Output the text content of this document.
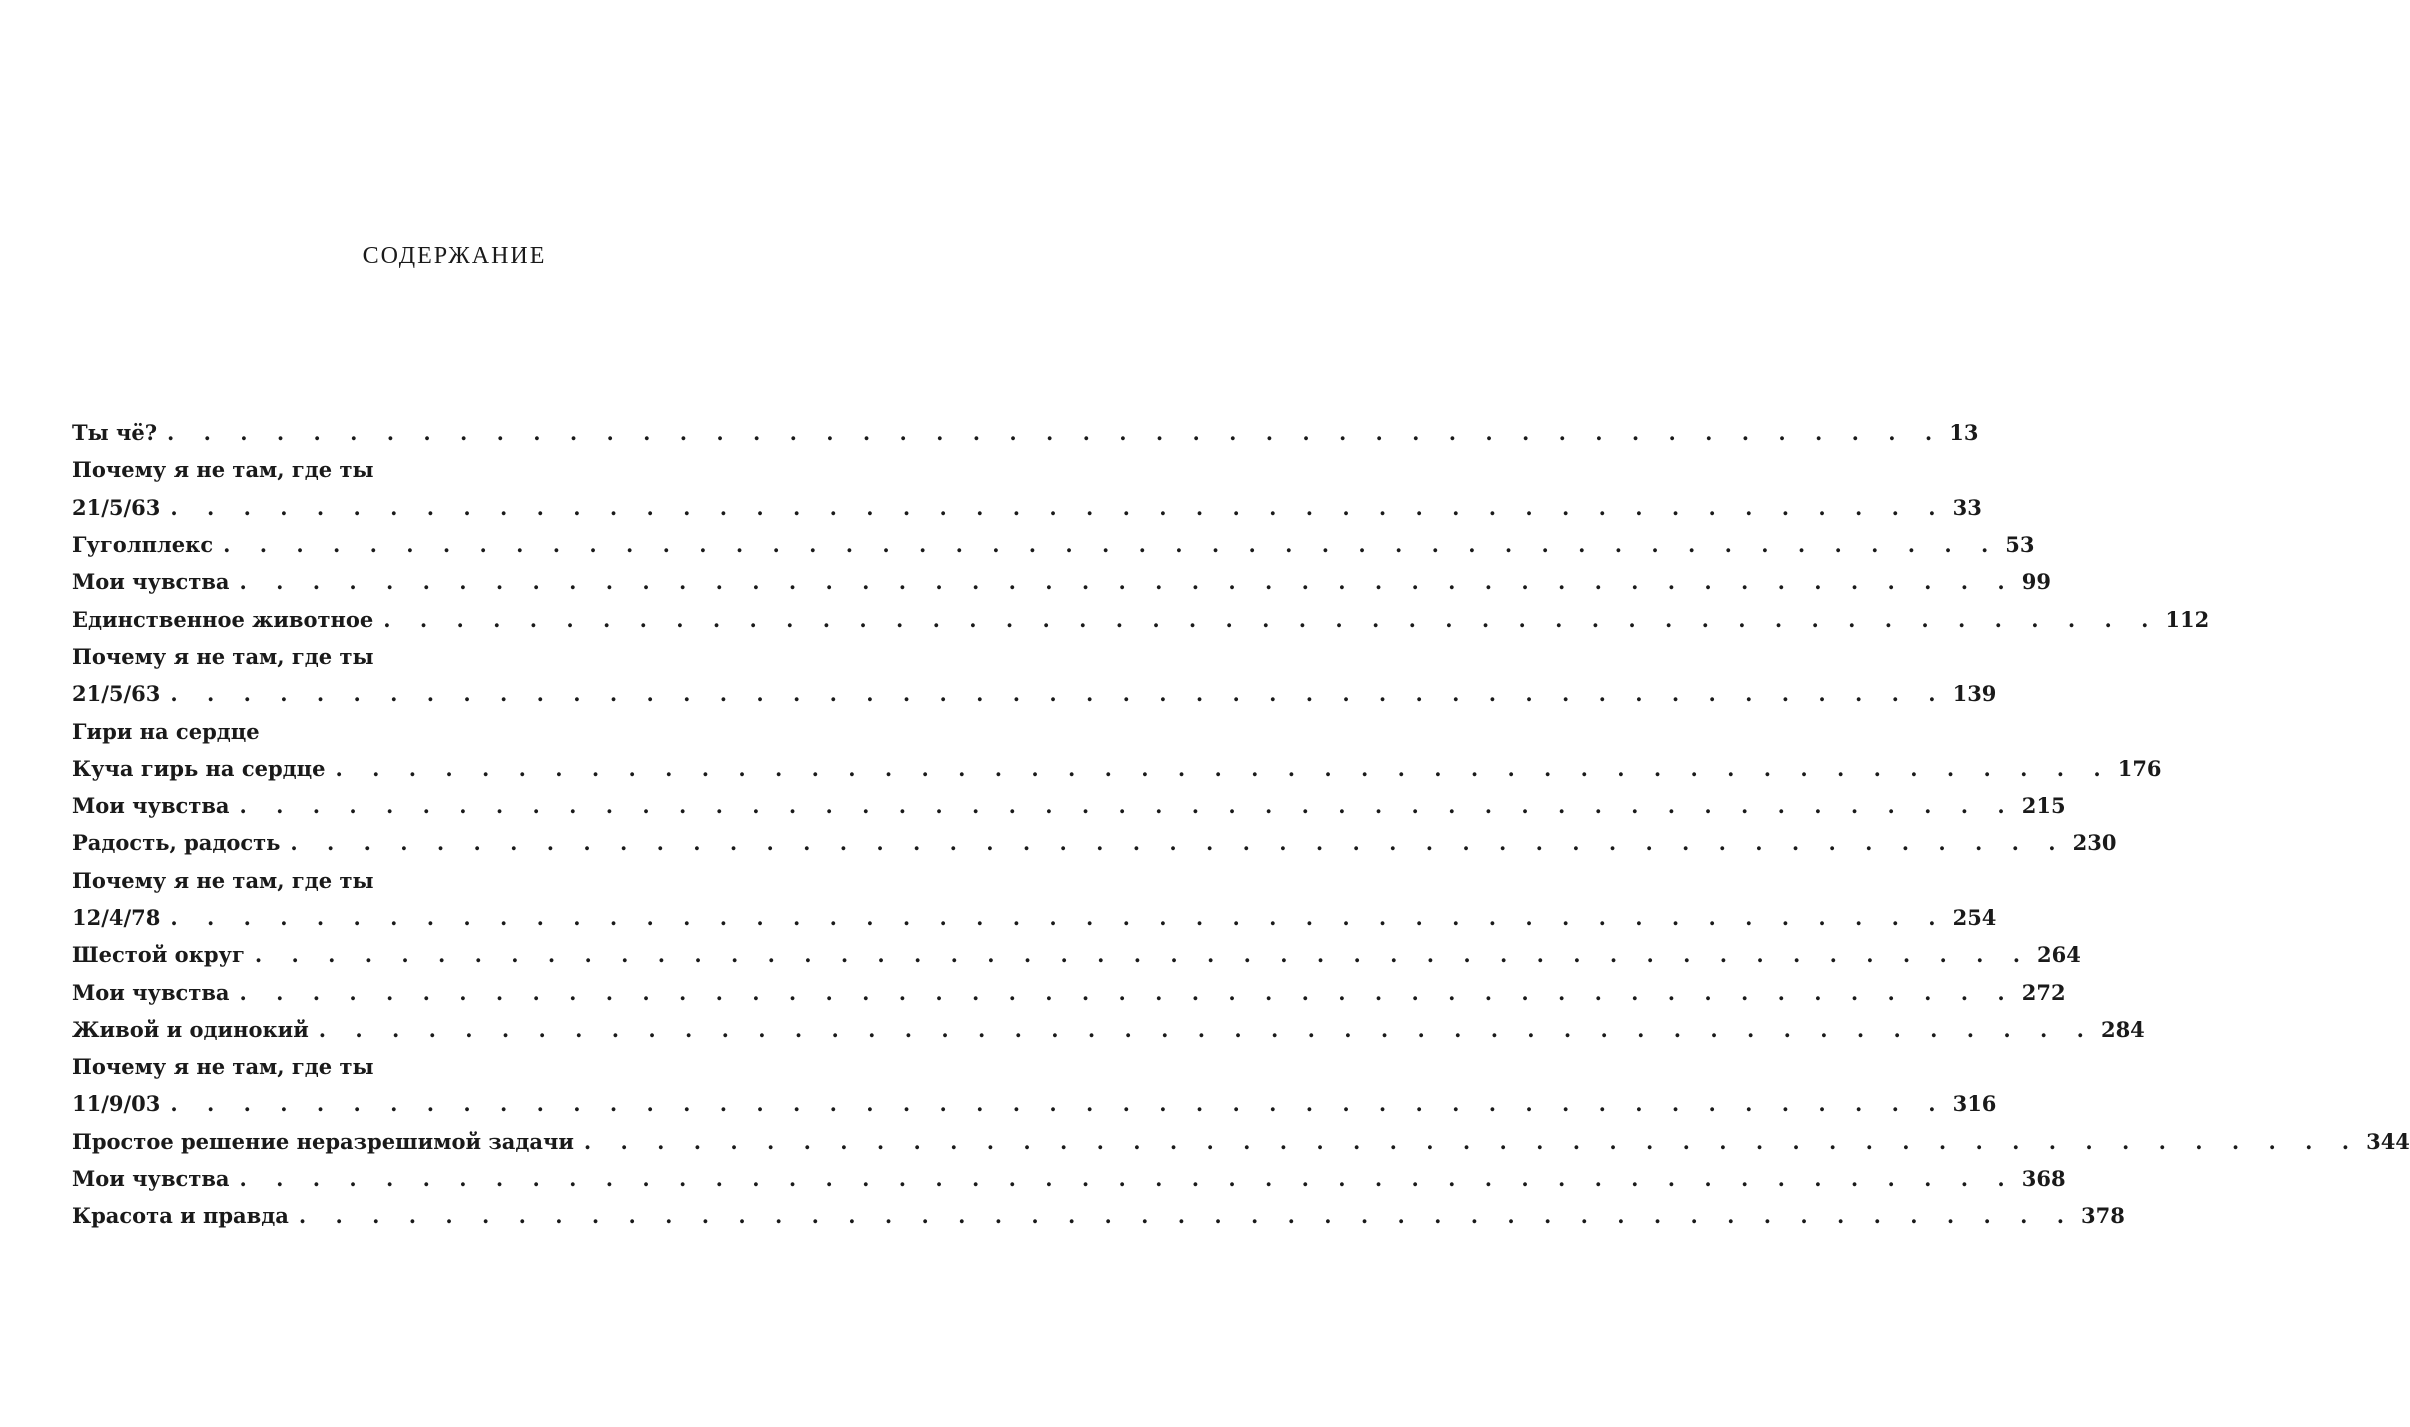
СОДЕРЖАНИЕ
Ты чё? . . . . . . . . . . . . . . . . . . . . . . . . . . . . . . . . . . . . . . . . . . . . . . . . . 13
Почему я не там, где ты
21/5/63 . . . . . . . . . . . . . . . . . . . . . . . . . . . . . . . . . . . . . . . . . . . . . . . . . 33
Гуголплекс . . . . . . . . . . . . . . . . . . . . . . . . . . . . . . . . . . . . . . . . . . . . . . . . . 53
Мои чувства . . . . . . . . . . . . . . . . . . . . . . . . . . . . . . . . . . . . . . . . . . . . . . . . . 99
Единственное животное . . . . . . . . . . . . . . . . . . . . . . . . . . . . . . . . . . . . . . . . . . . . . . . . . 112
Почему я не там, где ты
21/5/63 . . . . . . . . . . . . . . . . . . . . . . . . . . . . . . . . . . . . . . . . . . . . . . . . . 139
Гири на сердце
Куча гирь на сердце . . . . . . . . . . . . . . . . . . . . . . . . . . . . . . . . . . . . . . . . . . . . . . . . . 176
Мои чувства . . . . . . . . . . . . . . . . . . . . . . . . . . . . . . . . . . . . . . . . . . . . . . . . . 215
Радость, радость . . . . . . . . . . . . . . . . . . . . . . . . . . . . . . . . . . . . . . . . . . . . . . . . . 230
Почему я не там, где ты
12/4/78 . . . . . . . . . . . . . . . . . . . . . . . . . . . . . . . . . . . . . . . . . . . . . . . . . 254
Шестой округ . . . . . . . . . . . . . . . . . . . . . . . . . . . . . . . . . . . . . . . . . . . . . . . . . 264
Мои чувства . . . . . . . . . . . . . . . . . . . . . . . . . . . . . . . . . . . . . . . . . . . . . . . . . 272
Живой и одинокий . . . . . . . . . . . . . . . . . . . . . . . . . . . . . . . . . . . . . . . . . . . . . . . . . 284
Почему я не там, где ты
11/9/03 . . . . . . . . . . . . . . . . . . . . . . . . . . . . . . . . . . . . . . . . . . . . . . . . . 316
Простое решение неразрешимой задачи . . . . . . . . . . . . . . . . . . . . . . . . . . . . . . . . . . . . . . . . . . . . . . . . . 344
Мои чувства . . . . . . . . . . . . . . . . . . . . . . . . . . . . . . . . . . . . . . . . . . . . . . . . . 368
Красота и правда . . . . . . . . . . . . . . . . . . . . . . . . . . . . . . . . . . . . . . . . . . . . . . . . . 378
